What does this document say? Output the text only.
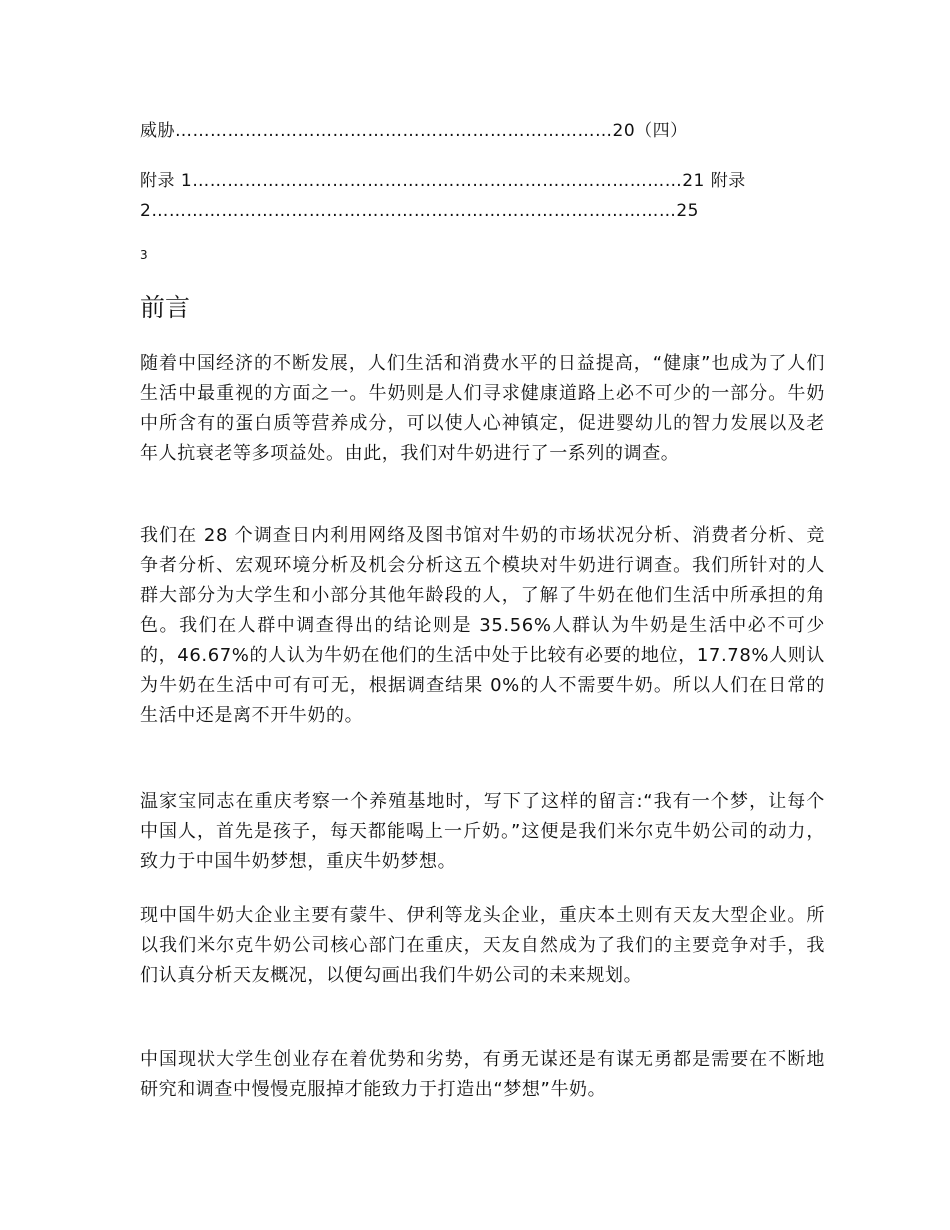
威胁…………………………………………………………………20（四）
附录 1…………………………………………………………………………21 附录
2………………………………………………………………………………25
3
前言

随着中国经济的不断发展，人们生活和消费水平的日益提高，“健康”也成为了人们生活中最重视的方面之一。牛奶则是人们寻求健康道路上必不可少的一部分。牛奶中所含有的蛋白质等营养成分，可以使人心神镇定，促进婴幼儿的智力发展以及老年人抗衰老等多项益处。由此，我们对牛奶进行了一系列的调查。

我们在 28 个调查日内利用网络及图书馆对牛奶的市场状况分析、消费者分析、竞争者分析、宏观环境分析及机会分析这五个模块对牛奶进行调查。我们所针对的人群大部分为大学生和小部分其他年龄段的人，了解了牛奶在他们生活中所承担的角色。我们在人群中调查得出的结论则是 35.56%人群认为牛奶是生活中必不可少的，46.67%的人认为牛奶在他们的生活中处于比较有必要的地位，17.78%人则认为牛奶在生活中可有可无，根据调查结果 0%的人不需要牛奶。所以人们在日常的生活中还是离不开牛奶的。

温家宝同志在重庆考察一个养殖基地时，写下了这样的留言:“我有一个梦，让每个中国人，首先是孩子，每天都能喝上一斤奶。”这便是我们米尔克牛奶公司的动力，致力于中国牛奶梦想，重庆牛奶梦想。

现中国牛奶大企业主要有蒙牛、伊利等龙头企业，重庆本土则有天友大型企业。所以我们米尔克牛奶公司核心部门在重庆，天友自然成为了我们的主要竞争对手，我们认真分析天友概况，以便勾画出我们牛奶公司的未来规划。

中国现状大学生创业存在着优势和劣势，有勇无谋还是有谋无勇都是需要在不断地研究和调查中慢慢克服掉才能致力于打造出“梦想”牛奶。
